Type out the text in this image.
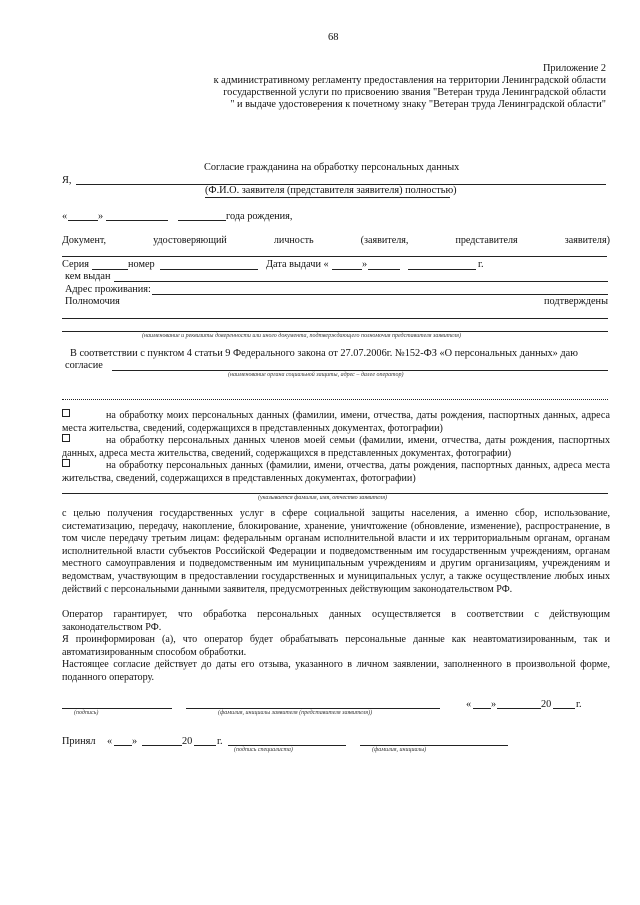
68
Приложение 2
к административному регламенту предоставления на территории Ленинградской области
государственной услуги по присвоению звания "Ветеран труда Ленинградской области
" и выдаче удостоверения к почетному знаку "Ветеран труда Ленинградской области"
Согласие гражданина на обработку персональных данных
Я,
(Ф.И.О. заявителя (представителя заявителя) полностью)
«	»	года рождения,
Документ,	удостоверяющий	личность	(заявителя,	представителя	заявителя)
Серия	номер	Дата выдачи «	»	г.
кем выдан
Адрес проживания:
Полномочия	подтверждены
(наименование и реквизиты доверенности или иного документа, подтверждающего полномочия представителя заявителя)
В соответствии с пунктом 4 статьи 9 Федерального закона от 27.07.2006г. №152-ФЗ «О персональных данных» даю
согласие
(наименование органа социальной защиты, адрес – далее оператор)
на обработку моих персональных данных (фамилии, имени, отчества, даты рождения, паспортных данных, адреса места жительства, сведений, содержащихся в представленных документах, фотографии)
на обработку персональных данных членов моей семьи (фамилии, имени, отчества, даты рождения, паспортных данных, адреса места жительства, сведений, содержащихся в представленных документах, фотографии)
на обработку персональных данных (фамилии, имени, отчества, даты рождения, паспортных данных, адреса места жительства, сведений, содержащихся в представленных документах, фотографии)
(указывается фамилия, имя, отчество заявителя)
с целью получения государственных услуг в сфере социальной защиты населения, а именно сбор, использование, систематизацию, передачу, накопление, блокирование, хранение, уничтожение (обновление, изменение), распространение, в том числе передачу третьим лицам: федеральным органам исполнительной власти и их территориальным органам, органам исполнительной власти субъектов Российской Федерации и подведомственным им государственным учреждениям, органам местного самоуправления и подведомственным им муниципальным учреждениям и другим организациям, учреждениям и ведомствам, участвующим в предоставлении государственных и муниципальных услуг, а также осуществление любых иных действий с персональными данными заявителя, предусмотренных действующим законодательством РФ.
Оператор гарантирует, что обработка персональных данных осуществляется в соответствии с действующим законодательством РФ.
Я проинформирован (а), что оператор будет обрабатывать персональные данные как неавтоматизированным, так и автоматизированным способом обработки.
Настоящее согласие действует до даты его отзыва, указанного в личном заявлении, заполненного в произвольной форме, поданного оператору.
(подпись)	(фамилия, инициалы заявителя (представителя заявителя))
« »	20 г.
Принял « »	20 г.
(подпись специалиста)	(фамилия, инициалы)
